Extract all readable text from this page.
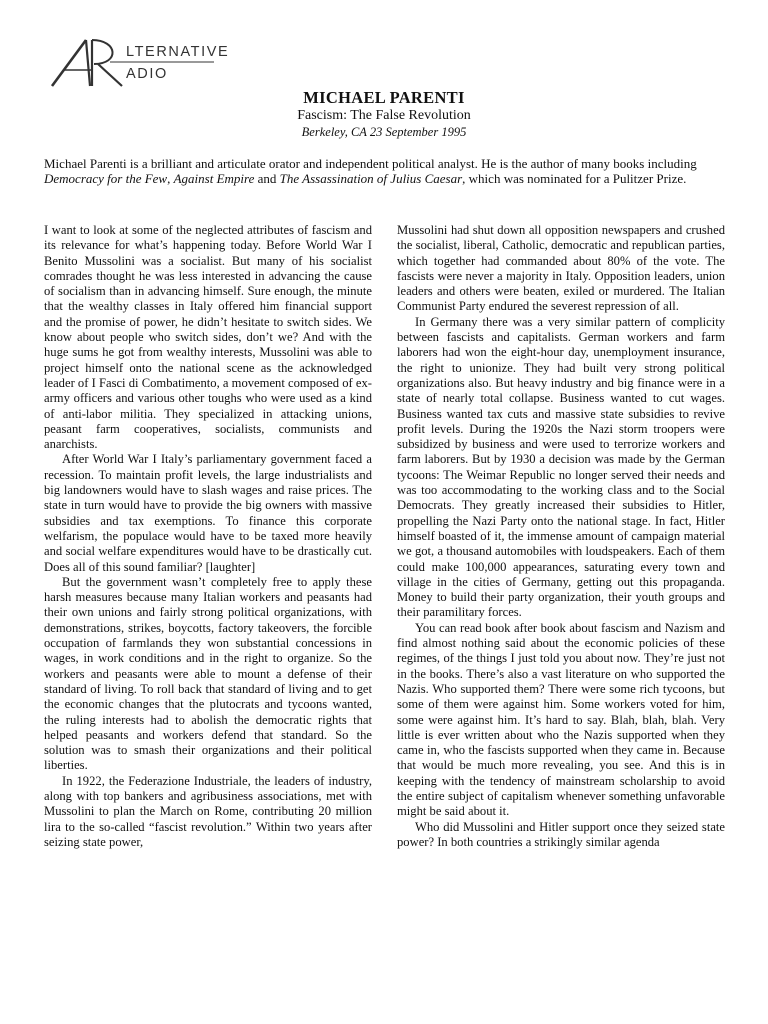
LTERNATIVE
ADIO
MICHAEL PARENTI
Fascism: The False Revolution
Berkeley, CA 23 September 1995
Michael Parenti is a brilliant and articulate orator and independent political analyst. He is the author of many books including Democracy for the Few, Against Empire and The Assassination of Julius Caesar, which was nominated for a Pulitzer Prize.

I want to look at some of the neglected attributes of fascism and its relevance for what’s happening today. Before World War I Benito Mussolini was a socialist. But many of his socialist comrades thought he was less interested in advancing the cause of socialism than in advancing himself. Sure enough, the minute that the wealthy classes in Italy offered him financial support and the promise of power, he didn’t hesitate to switch sides. We know about people who switch sides, don’t we? And with the huge sums he got from wealthy interests, Mussolini was able to project himself onto the national scene as the acknowledged leader of I Fasci di Combatimento, a movement composed of ex-army officers and various other toughs who were used as a kind of anti-labor militia. They specialized in attacking unions, peasant farm cooperatives, socialists, communists and anarchists.

After World War I Italy’s parliamentary government faced a recession. To maintain profit levels, the large industrialists and big landowners would have to slash wages and raise prices. The state in turn would have to provide the big owners with massive subsidies and tax exemptions. To finance this corporate welfarism, the populace would have to be taxed more heavily and social welfare expenditures would have to be drastically cut. Does all of this sound familiar? [laughter]

But the government wasn’t completely free to apply these harsh measures because many Italian workers and peasants had their own unions and fairly strong political organizations, with demonstrations, strikes, boycotts, factory takeovers, the forcible occupation of farmlands they won substantial concessions in wages, in work conditions and in the right to organize. So the workers and peasants were able to mount a defense of their standard of living. To roll back that standard of living and to get the economic changes that the plutocrats and tycoons wanted, the ruling interests had to abolish the democratic rights that helped peasants and workers defend that standard. So the solution was to smash their organizations and their political liberties.

In 1922, the Federazione Industriale, the leaders of industry, along with top bankers and agribusiness associations, met with Mussolini to plan the March on Rome, contributing 20 million lira to the so-called “fascist revolution.” Within two years after seizing state power,

Mussolini had shut down all opposition newspapers and crushed the socialist, liberal, Catholic, democratic and republican parties, which together had commanded about 80% of the vote. The fascists were never a majority in Italy. Opposition leaders, union leaders and others were beaten, exiled or murdered. The Italian Communist Party endured the severest repression of all.

In Germany there was a very similar pattern of complicity between fascists and capitalists. German workers and farm laborers had won the eight-hour day, unemployment insurance, the right to unionize. They had built very strong political organizations also. But heavy industry and big finance were in a state of nearly total collapse. Business wanted to cut wages. Business wanted tax cuts and massive state subsidies to revive profit levels. During the 1920s the Nazi storm troopers were subsidized by business and were used to terrorize workers and farm laborers. But by 1930 a decision was made by the German tycoons: The Weimar Republic no longer served their needs and was too accommodating to the working class and to the Social Democrats. They greatly increased their subsidies to Hitler, propelling the Nazi Party onto the national stage. In fact, Hitler himself boasted of it, the immense amount of campaign material we got, a thousand automobiles with loudspeakers. Each of them could make 100,000 appearances, saturating every town and village in the cities of Germany, getting out this propaganda. Money to build their party organization, their youth groups and their paramilitary forces.

You can read book after book about fascism and Nazism and find almost nothing said about the economic policies of these regimes, of the things I just told you about now. They’re just not in the books. There’s also a vast literature on who supported the Nazis. Who supported them? There were some rich tycoons, but some of them were against him. Some workers voted for him, some were against him. It’s hard to say. Blah, blah, blah. Very little is ever written about who the Nazis supported when they came in, who the fascists supported when they came in. Because that would be much more revealing, you see. And this is in keeping with the tendency of mainstream scholarship to avoid the entire subject of capitalism whenever something unfavorable might be said about it.

Who did Mussolini and Hitler support once they seized state power? In both countries a strikingly similar agenda
